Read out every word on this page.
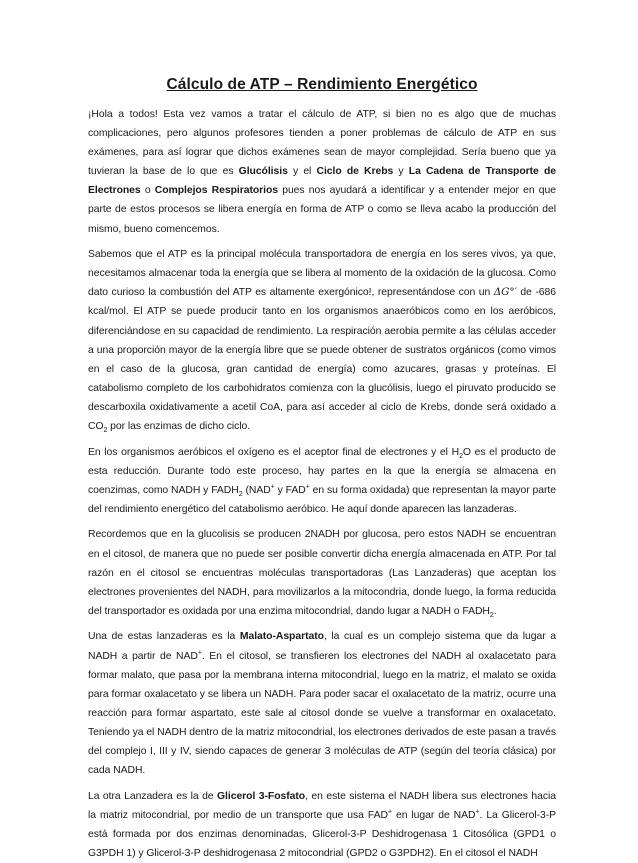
Cálculo de ATP – Rendimiento Energético

¡Hola a todos! Esta vez vamos a tratar el cálculo de ATP, si bien no es algo que de muchas complicaciones, pero algunos profesores tienden a poner problemas de cálculo de ATP en sus exámenes, para así lograr que dichos exámenes sean de mayor complejidad. Sería bueno que ya tuvieran la base de lo que es Glucólisis y el Ciclo de Krebs y La Cadena de Transporte de Electrones o Complejos Respiratorios pues nos ayudará a identificar y a entender mejor en que parte de estos procesos se libera energía en forma de ATP o como se lleva acabo la producción del mismo, bueno comencemos.

Sabemos que el ATP es la principal molécula transportadora de energía en los seres vivos, ya que, necesitamos almacenar toda la energía que se libera al momento de la oxidación de la glucosa. Como dato curioso la combustión del ATP es altamente exergónico!, representándose con un ΔG°′ de -686 kcal/mol. El ATP se puede producir tanto en los organismos anaeróbicos como en los aeróbicos, diferenciándose en su capacidad de rendimiento. La respiración aerobia permite a las células acceder a una proporción mayor de la energía libre que se puede obtener de sustratos orgánicos (como vimos en el caso de la glucosa, gran cantidad de energía) como azucares, grasas y proteínas. El catabolismo completo de los carbohidratos comienza con la glucólisis, luego el piruvato producido se descarboxila oxidativamente a acetil CoA, para así acceder al ciclo de Krebs, donde será oxidado a $CO_2$ por las enzimas de dicho ciclo.

En los organismos aeróbicos el oxígeno es el aceptor final de electrones y el $H_2O$ es el producto de esta reducción. Durante todo este proceso, hay partes en la que la energía se almacena en coenzimas, como NADH y $FADH_2$ (NAD+ y FAD+ en su forma oxidada) que representan la mayor parte del rendimiento energético del catabolismo aeróbico. He aquí donde aparecen las lanzaderas.

Recordemos que en la glucolisis se producen 2NADH por glucosa, pero estos NADH se encuentran en el citosol, de manera que no puede ser posible convertir dicha energía almacenada en ATP. Por tal razón en el citosol se encuentras moléculas transportadoras (Las Lanzaderas) que aceptan los electrones provenientes del NADH, para movilizarlos a la mitocondria, donde luego, la forma reducida del transportador es oxidada por una enzima mitocondrial, dando lugar a NADH o $FADH_2$.

Una de estas lanzaderas es la Malato-Aspartato, la cual es un complejo sistema que da lugar a NADH a partir de NAD+. En el citosol, se transfieren los electrones del NADH al oxalacetato para formar malato, que pasa por la membrana interna mitocondrial, luego en la matriz, el malato se oxida para formar oxalacetato y se libera un NADH. Para poder sacar el oxalacetato de la matriz, ocurre una reacción para formar aspartato, este sale al citosol donde se vuelve a transformar en oxalacetato. Teniendo ya el NADH dentro de la matriz mitocondrial, los electrones derivados de este pasan a través del complejo I, III y IV, siendo capaces de generar 3 moléculas de ATP (según del teoría clásica) por cada NADH.

La otra Lanzadera es la de Glicerol 3-Fosfato, en este sistema el NADH libera sus electrones hacia la matriz mitocondrial, por medio de un transporte que usa FAD+ en lugar de NAD+. La Glicerol-3-P está formada por dos enzimas denominadas, Glicerol-3-P Deshidrogenasa 1 Citosólica (GPD1 o G3PDH 1) y Glicerol-3-P deshidrogenasa 2 mitocondrial (GPD2 o G3PDH2). En el citosol el NADH
